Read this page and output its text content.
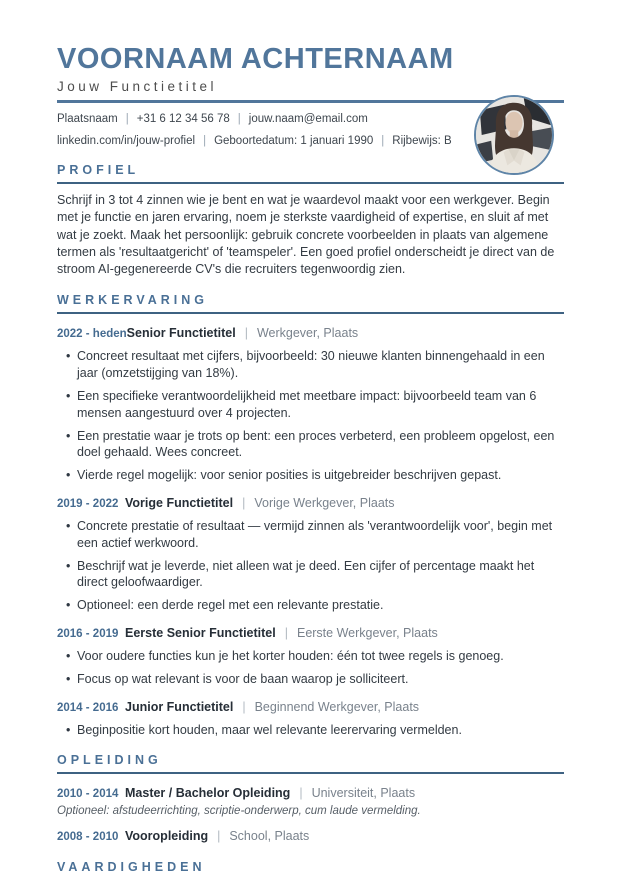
VOORNAAM ACHTERNAAM
Jouw Functietitel
Plaatsnaam | +31 6 12 34 56 78 | jouw.naam@email.com
linkedin.com/in/jouw-profiel | Geboortedatum: 1 januari 1990 | Rijbewijs: B
PROFIEL
Schrijf in 3 tot 4 zinnen wie je bent en wat je waardevol maakt voor een werkgever. Begin met je functie en jaren ervaring, noem je sterkste vaardigheid of expertise, en sluit af met wat je zoekt. Maak het persoonlijk: gebruik concrete voorbeelden in plaats van algemene termen als 'resultaatgericht' of 'teamspeler'. Een goed profiel onderscheidt je direct van de stroom AI-gegenereerde CV's die recruiters tegenwoordig zien.
WERKERVARING
2022 - heden Senior Functietitel | Werkgever, Plaats
• Concreet resultaat met cijfers, bijvoorbeeld: 30 nieuwe klanten binnengehaald in een jaar (omzetstijging van 18%).
• Een specifieke verantwoordelijkheid met meetbare impact: bijvoorbeeld team van 6 mensen aangestuurd over 4 projecten.
• Een prestatie waar je trots op bent: een proces verbeterd, een probleem opgelost, een doel gehaald. Wees concreet.
• Vierde regel mogelijk: voor senior posities is uitgebreider beschrijven gepast.
2019 - 2022 Vorige Functietitel | Vorige Werkgever, Plaats
• Concrete prestatie of resultaat — vermijd zinnen als 'verantwoordelijk voor', begin met een actief werkwoord.
• Beschrijf wat je leverde, niet alleen wat je deed. Een cijfer of percentage maakt het direct geloofwaardiger.
• Optioneel: een derde regel met een relevante prestatie.
2016 - 2019 Eerste Senior Functietitel | Eerste Werkgever, Plaats
• Voor oudere functies kun je het korter houden: één tot twee regels is genoeg.
• Focus op wat relevant is voor de baan waarop je solliciteert.
2014 - 2016 Junior Functietitel | Beginnend Werkgever, Plaats
• Beginpositie kort houden, maar wel relevante leerervaring vermelden.
OPLEIDING
2010 - 2014 Master / Bachelor Opleiding | Universiteit, Plaats
Optioneel: afstudeerrichting, scriptie-onderwerp, cum laude vermelding.
2008 - 2010 Vooropleiding | School, Plaats
VAARDIGHEDEN
